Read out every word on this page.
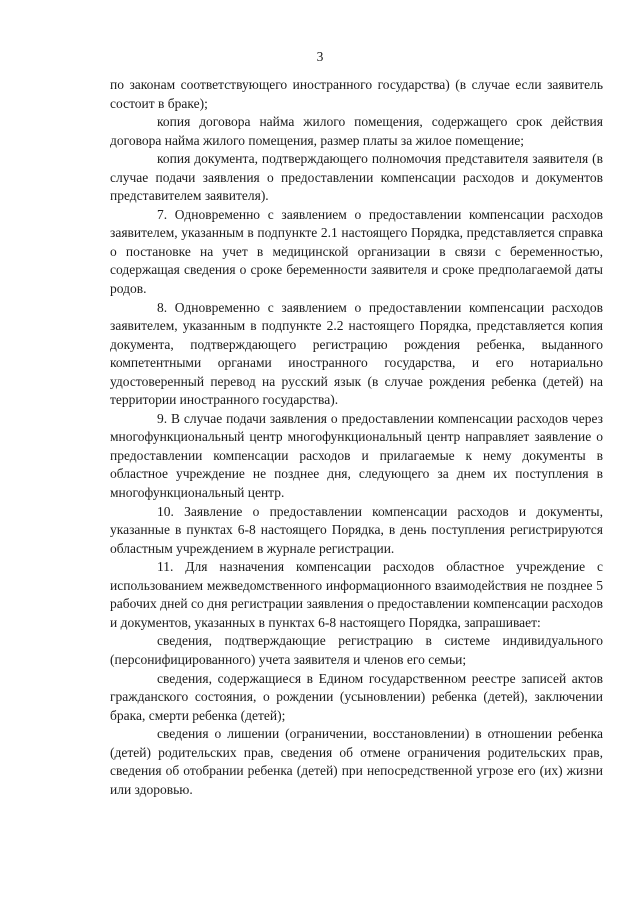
3

по законам соответствующего иностранного государства) (в случае если заявитель состоит в браке);

копия договора найма жилого помещения, содержащего срок действия договора найма жилого помещения, размер платы за жилое помещение;

копия документа, подтверждающего полномочия представителя заявителя (в случае подачи заявления о предоставлении компенсации расходов и документов представителем заявителя).

7. Одновременно с заявлением о предоставлении компенсации расходов заявителем, указанным в подпункте 2.1 настоящего Порядка, представляется справка о постановке на учет в медицинской организации в связи с беременностью, содержащая сведения о сроке беременности заявителя и сроке предполагаемой даты родов.

8. Одновременно с заявлением о предоставлении компенсации расходов заявителем, указанным в подпункте 2.2 настоящего Порядка, представляется копия документа, подтверждающего регистрацию рождения ребенка, выданного компетентными органами иностранного государства, и его нотариально удостоверенный перевод на русский язык (в случае рождения ребенка (детей) на территории иностранного государства).

9. В случае подачи заявления о предоставлении компенсации расходов через многофункциональный центр многофункциональный центр направляет заявление о предоставлении компенсации расходов и прилагаемые к нему документы в областное учреждение не позднее дня, следующего за днем их поступления в многофункциональный центр.

10. Заявление о предоставлении компенсации расходов и документы, указанные в пунктах 6-8 настоящего Порядка, в день поступления регистрируются областным учреждением в журнале регистрации.

11. Для назначения компенсации расходов областное учреждение с использованием межведомственного информационного взаимодействия не позднее 5 рабочих дней со дня регистрации заявления о предоставлении компенсации расходов и документов, указанных в пунктах 6-8 настоящего Порядка, запрашивает:

сведения, подтверждающие регистрацию в системе индивидуального (персонифицированного) учета заявителя и членов его семьи;

сведения, содержащиеся в Едином государственном реестре записей актов гражданского состояния, о рождении (усыновлении) ребенка (детей), заключении брака, смерти ребенка (детей);

сведения о лишении (ограничении, восстановлении) в отношении ребенка (детей) родительских прав, сведения об отмене ограничения родительских прав, сведения об отобрании ребенка (детей) при непосредственной угрозе его (их) жизни или здоровью.
